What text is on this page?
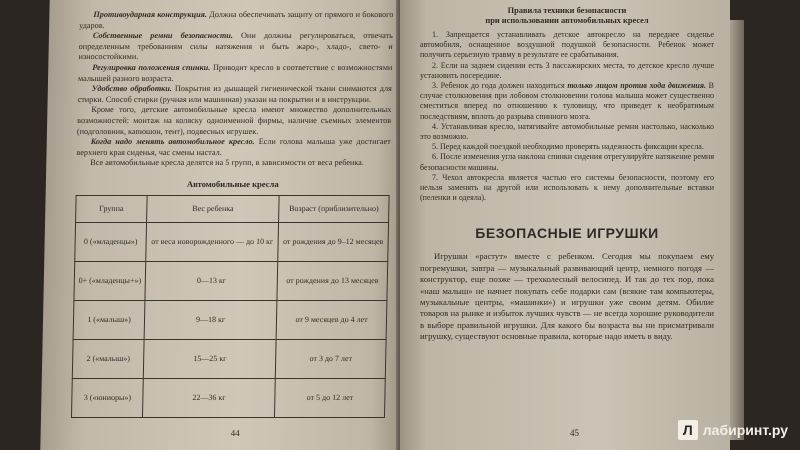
Противоударная конструкция. Должна обеспечивать защиту от прямого и бокового ударов.

Собственные ремни безопасности. Они должны регулироваться, отвечать определенным требованиям силы натяжения и быть жаро-, хладо-, свето- и износостойкими.

Регулировка положения спинки. Приводит кресло в соответствие с возможностями малышей разного возраста.

Удобство обработки. Покрытия из дышащей гигиенической ткани снимаются для стирки. Способ стирки (ручная или машинная) указан на покрытии и в инструкции.

Кроме того, детские автомобильные кресла имеют множество дополнительных возможностей: монтаж на коляску одноименной фирмы, наличие съемных элементов (подголовник, капюшон, тент), подвесных игрушек.

Когда надо менять автомобильное кресло. Если голова малыша уже достигает верхнего края сиденья, час смены настал.

Все автомобильные кресла делятся на 5 групп, в зависимости от веса ребенка.

Автомобильные кресла
Группа	Вес ребенка	Возраст (приблизительно)
0 («младенцы»)	от веса новорожденного — до 10 кг	от рождения до 9–12 месяцев
0+ («младенцы+»)	0—13 кг	от рождения до 13 месяцев
1 («малыш»)	9—18 кг	от 9 месяцев до 4 лет
2 («малыш»)	15—25 кг	от 3 до 7 лет
3 («юниоры»)	22—36 кг	от 5 до 12 лет
44
Правила техники безопасности
при использовании автомобильных кресел

1. Запрещается устанавливать детское автокресло на переднее сиденье автомобиля, оснащенное воздушной подушкой безопасности. Ребенок может получить серьезную травму в результате ее срабатывания.

2. Если на заднем сидении есть 3 пассажирских места, то детское кресло лучше установить посередине.

3. Ребенок до года должен находиться только лицом против хода движения. В случае столкновения при лобовом столкновении голова малыша может существенно сместиться вперед по отношению к туловищу, что приведет к необратимым последствиям, вплоть до разрыва спинного мозга.

4. Устанавливая кресло, натягивайте автомобильные ремни настолько, насколько это возможно.

5. Перед каждой поездкой необходимо проверять надежность фиксации кресла.

6. После изменения угла наклона спинки сидения отрегулируйте натяжение ремня безопасности машины.

7. Чехол автокресла является частью его системы безопасности, поэтому его нельзя заменять на другой или использовать к нему дополнительные вставки (пеленки и одеяла).

БЕЗОПАСНЫЕ ИГРУШКИ

Игрушки «растут» вместе с ребенком. Сегодня мы покупаем ему погремушки, завтра — музыкальный развивающий центр, немного погодя — конструктор, еще позже — трехколесный велосипед. И так до тех пор, пока «наш малыш» не начнет покупать себе подарки сам (всякие там компьютеры, музыкальные центры, «машинки») и игрушки уже своим детям. Обилие товаров на рынке и избыток лучших чувств — не всегда хорошие руководители в выборе правильной игрушки. Для какого бы возраста вы ни присматривали игрушку, существуют основные правила, которые надо иметь в виду.

45	Л лабиринт.ру
